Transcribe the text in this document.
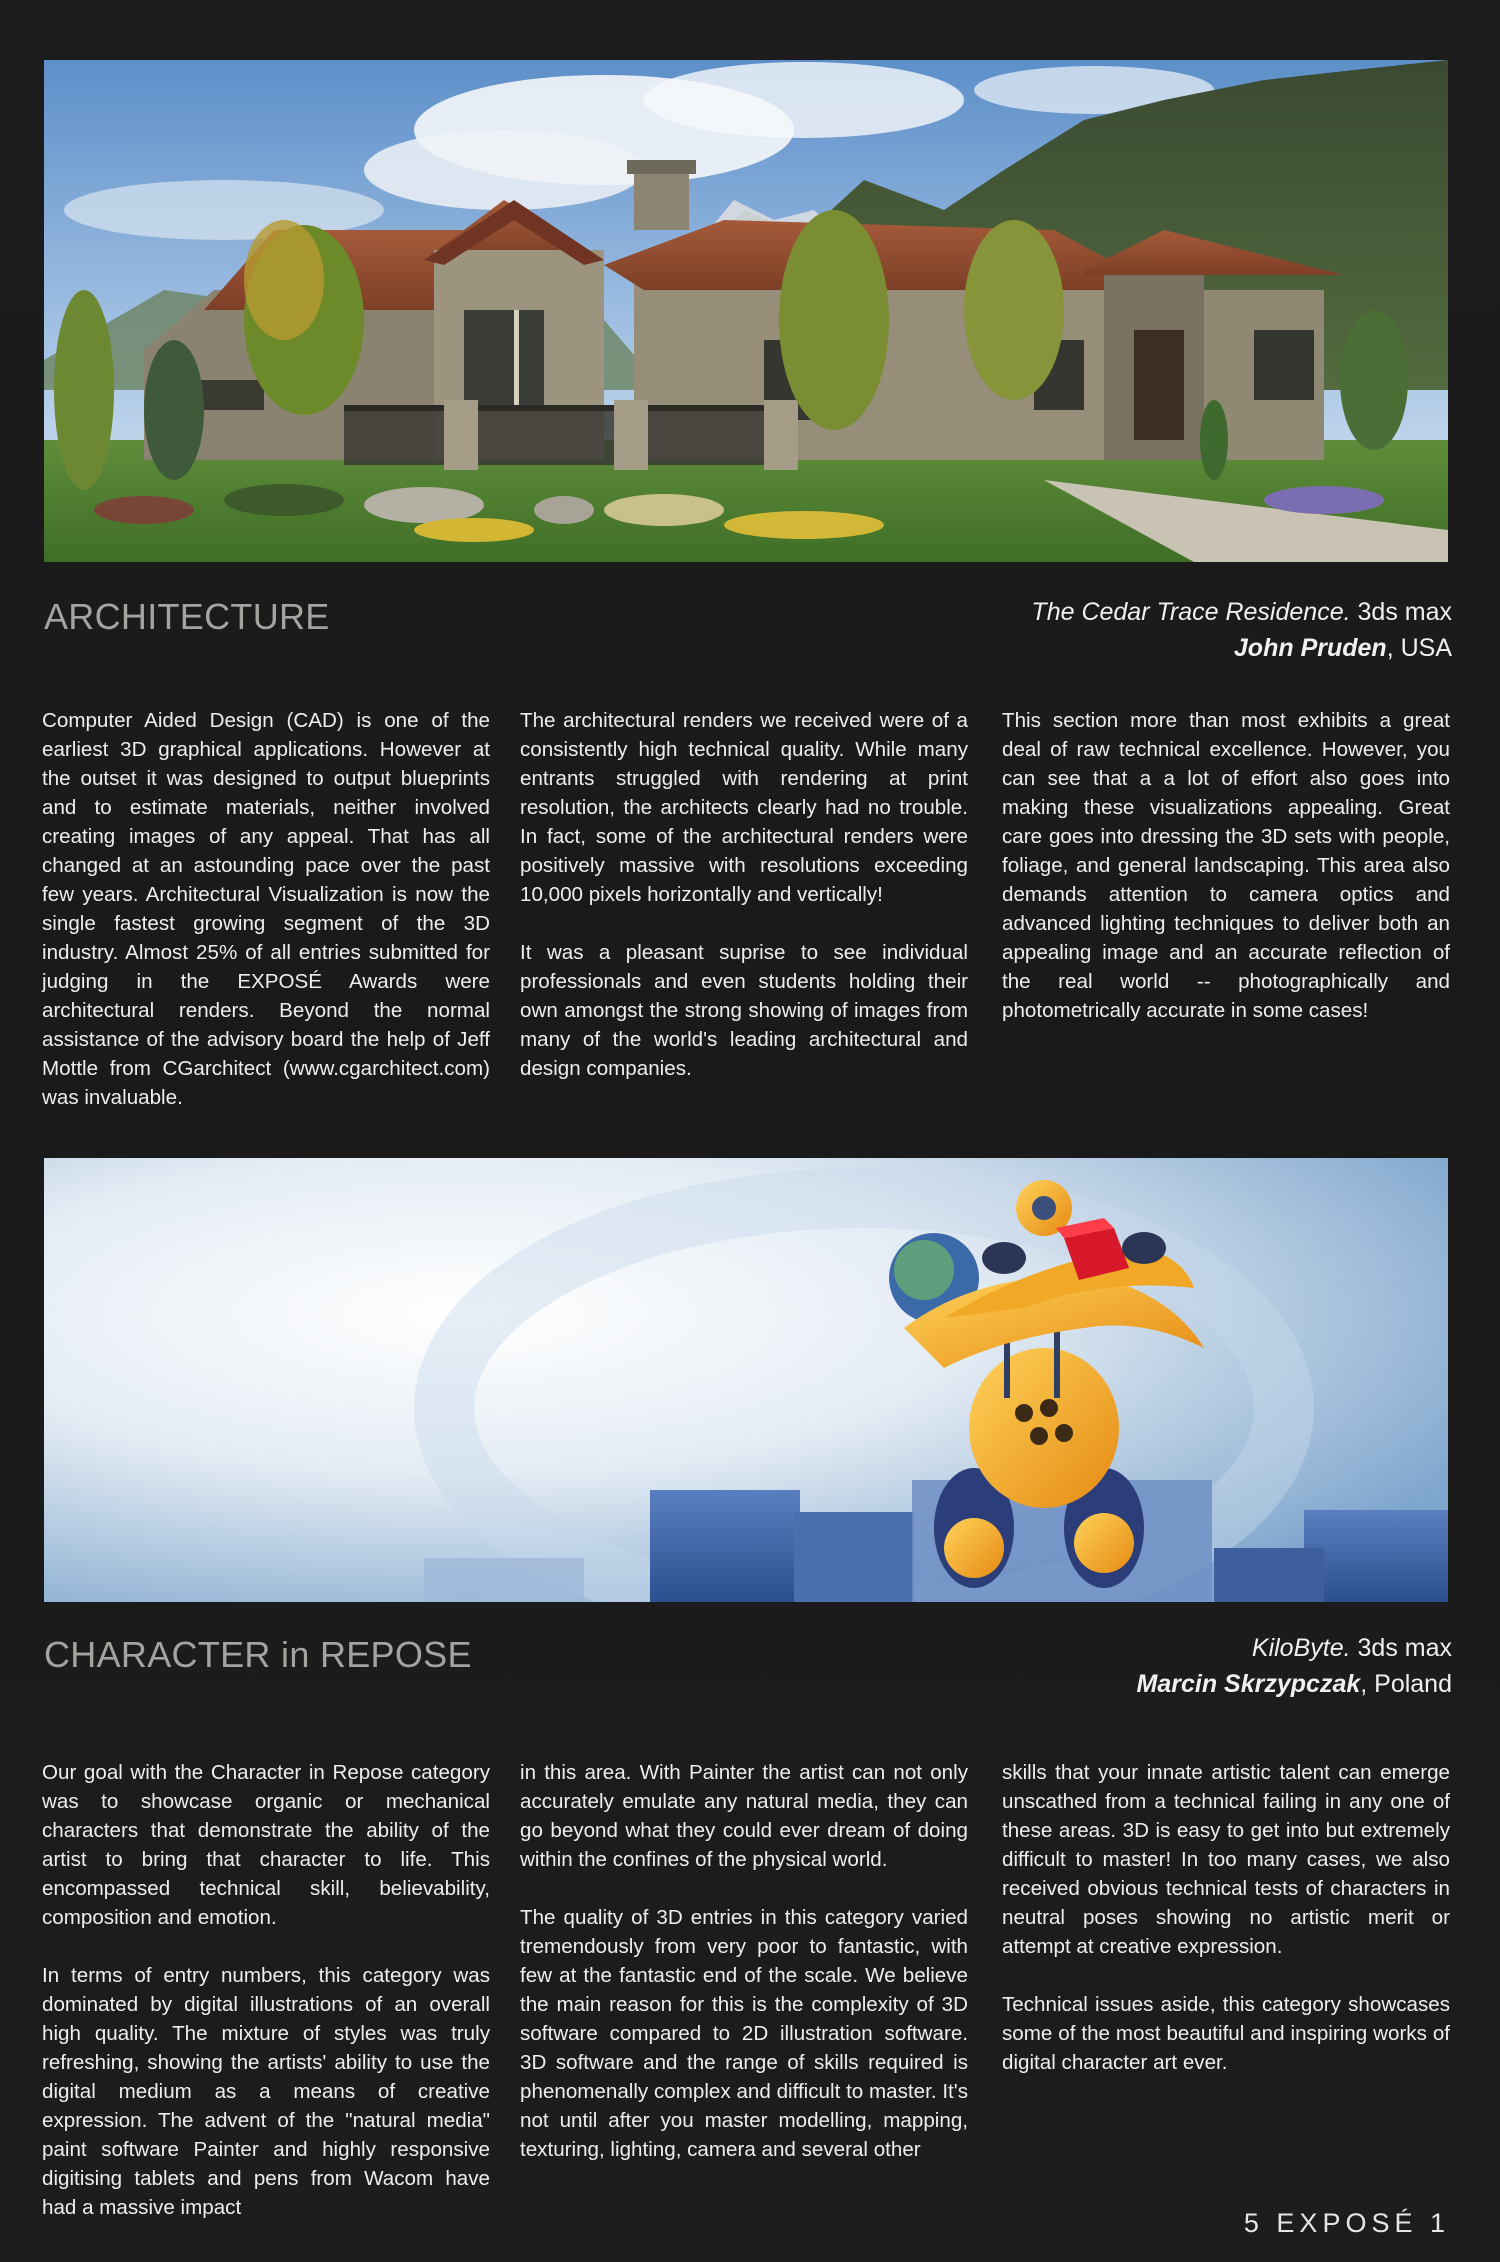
ARCHITECTURE	The Cedar Trace Residence. 3ds max
John Pruden, USA

Computer Aided Design (CAD) is one of the earliest 3D graphical applications. However at the outset it was designed to output blueprints and to estimate materials, neither involved creating images of any appeal. That has all changed at an astounding pace over the past few years. Architectural Visualization is now the single fastest growing segment of the 3D industry. Almost 25% of all entries submitted for judging in the EXPOSÉ Awards were architectural renders. Beyond the normal assistance of the advisory board the help of Jeff Mottle from CGarchitect (www.cgarchitect.com) was invaluable.

The architectural renders we received were of a consistently high technical quality. While many entrants struggled with rendering at print resolution, the architects clearly had no trouble. In fact, some of the architectural renders were positively massive with resolutions exceeding 10,000 pixels horizontally and vertically!

It was a pleasant suprise to see individual professionals and even students holding their own amongst the strong showing of images from many of the world's leading architectural and design companies.

This section more than most exhibits a great deal of raw technical excellence. However, you can see that a a lot of effort also goes into making these visualizations appealing. Great care goes into dressing the 3D sets with people, foliage, and general landscaping. This area also demands attention to camera optics and advanced lighting techniques to deliver both an appealing image and an accurate reflection of the real world -- photographically and photometrically accurate in some cases!

CHARACTER in REPOSE	KiloByte. 3ds max
Marcin Skrzypczak, Poland

Our goal with the Character in Repose category was to showcase organic or mechanical characters that demonstrate the ability of the artist to bring that character to life. This encompassed technical skill, believability, composition and emotion.

In terms of entry numbers, this category was dominated by digital illustrations of an overall high quality. The mixture of styles was truly refreshing, showing the artists' ability to use the digital medium as a means of creative expression. The advent of the "natural media" paint software Painter and highly responsive digitising tablets and pens from Wacom have had a massive impact

in this area. With Painter the artist can not only accurately emulate any natural media, they can go beyond what they could ever dream of doing within the confines of the physical world.

The quality of 3D entries in this category varied tremendously from very poor to fantastic, with few at the fantastic end of the scale. We believe the main reason for this is the complexity of 3D software compared to 2D illustration software. 3D software and the range of skills required is phenomenally complex and difficult to master. It's not until after you master modelling, mapping, texturing, lighting, camera and several other

skills that your innate artistic talent can emerge unscathed from a technical failing in any one of these areas. 3D is easy to get into but extremely difficult to master! In too many cases, we also received obvious technical tests of characters in neutral poses showing no artistic merit or attempt at creative expression.

Technical issues aside, this category showcases some of the most beautiful and inspiring works of digital character art ever.

5 EXPOSÉ 1
